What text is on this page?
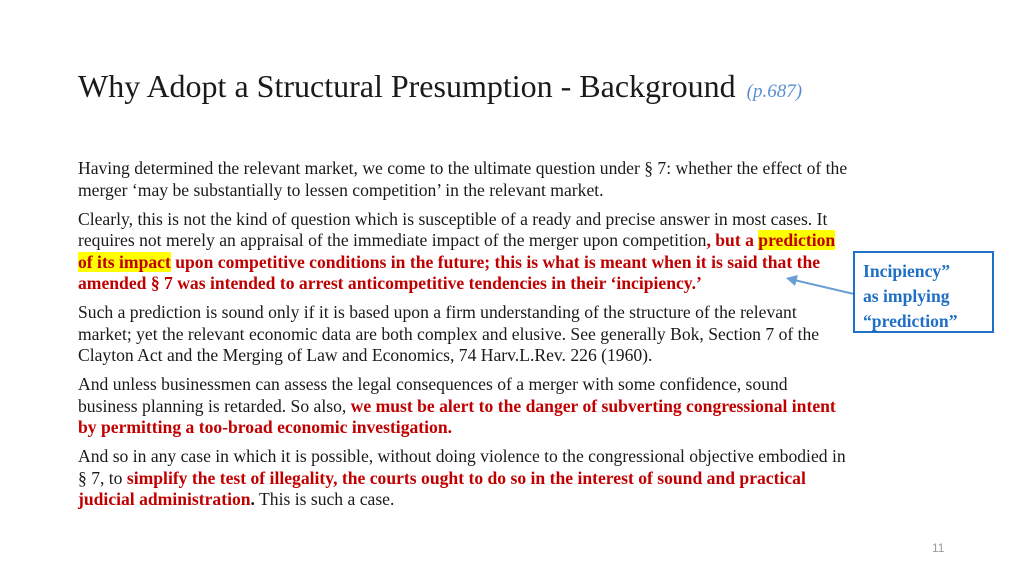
Why Adopt a Structural Presumption - Background (p.687)

Having determined the relevant market, we come to the ultimate question under § 7: whether the effect of the merger ‘may be substantially to lessen competition’ in the relevant market.

Clearly, this is not the kind of question which is susceptible of a ready and precise answer in most cases. It requires not merely an appraisal of the immediate impact of the merger upon competition, but a prediction of its impact upon competitive conditions in the future; this is what is meant when it is said that the amended § 7 was intended to arrest anticompetitive tendencies in their ‘incipiency.’

Such a prediction is sound only if it is based upon a firm understanding of the structure of the relevant market; yet the relevant economic data are both complex and elusive. See generally Bok, Section 7 of the Clayton Act and the Merging of Law and Economics, 74 Harv.L.Rev. 226 (1960).

And unless businessmen can assess the legal consequences of a merger with some confidence, sound business planning is retarded. So also, we must be alert to the danger of subverting congressional intent by permitting a too-broad economic investigation.

And so in any case in which it is possible, without doing violence to the congressional objective embodied in § 7, to simplify the test of illegality, the courts ought to do so in the interest of sound and practical judicial administration. This is such a case.

Incipiency”
as implying
“prediction”
11
